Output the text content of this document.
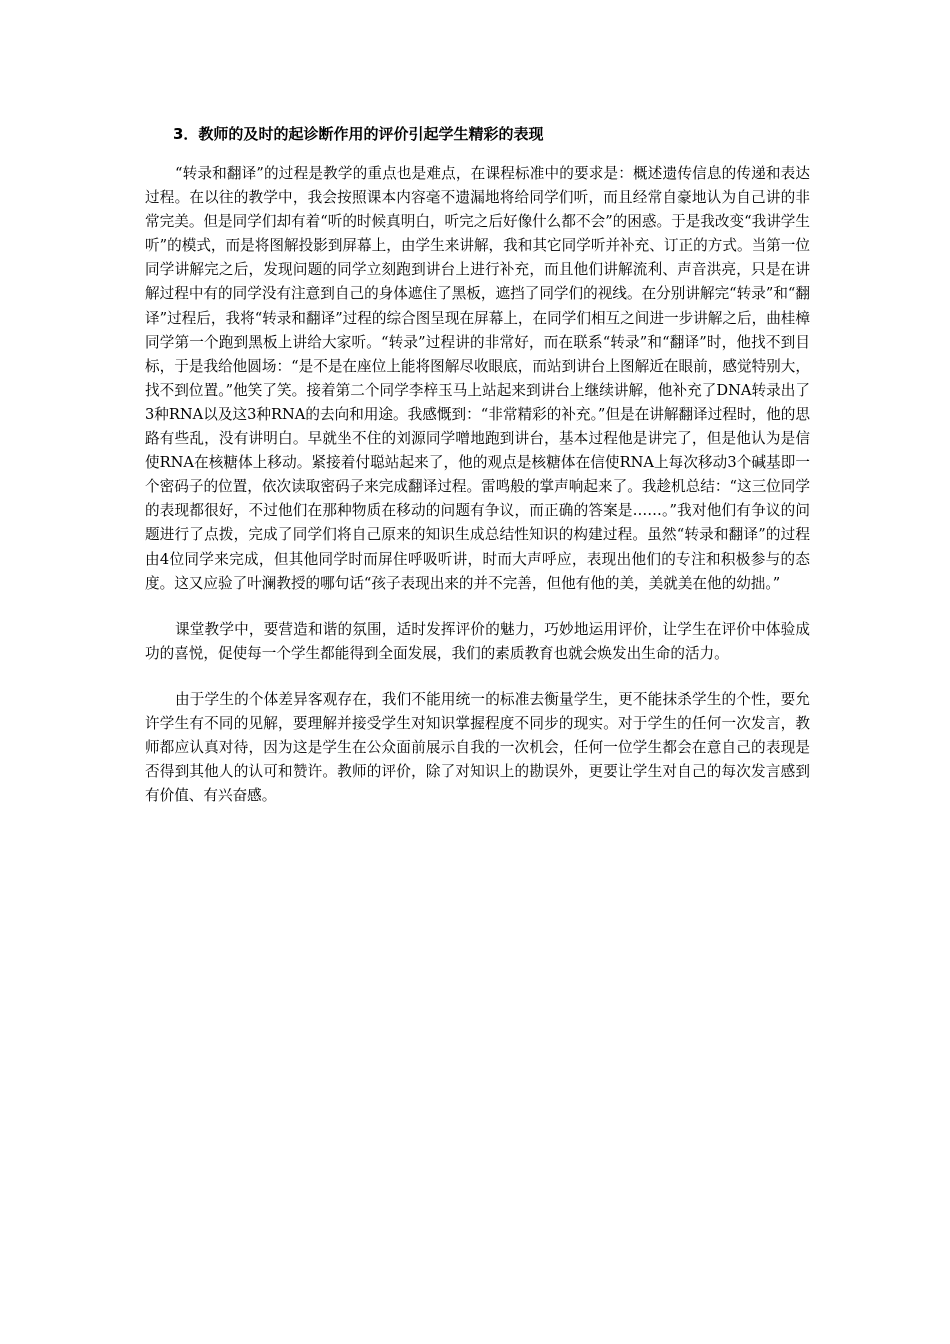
3．教师的及时的起诊断作用的评价引起学生精彩的表现

“转录和翻译”的过程是教学的重点也是难点，在课程标准中的要求是：概述遗传信息的传递和表达过程。在以往的教学中，我会按照课本内容毫不遗漏地将给同学们听，而且经常自豪地认为自己讲的非常完美。但是同学们却有着“听的时候真明白，听完之后好像什么都不会”的困惑。于是我改变“我讲学生听”的模式，而是将图解投影到屏幕上，由学生来讲解，我和其它同学听并补充、订正的方式。当第一位同学讲解完之后，发现问题的同学立刻跑到讲台上进行补充，而且他们讲解流利、声音洪亮，只是在讲解过程中有的同学没有注意到自己的身体遮住了黑板，遮挡了同学们的视线。在分别讲解完“转录”和“翻译”过程后，我将“转录和翻译”过程的综合图呈现在屏幕上，在同学们相互之间进一步讲解之后，曲桂樟同学第一个跑到黑板上讲给大家听。“转录”过程讲的非常好，而在联系“转录”和“翻译”时，他找不到目标，于是我给他圆场：“是不是在座位上能将图解尽收眼底，而站到讲台上图解近在眼前，感觉特别大，找不到位置。”他笑了笑。接着第二个同学李梓玉马上站起来到讲台上继续讲解，他补充了DNA转录出了3种RNA以及这3种RNA的去向和用途。我感慨到：“非常精彩的补充。”但是在讲解翻译过程时，他的思路有些乱，没有讲明白。早就坐不住的刘源同学噌地跑到讲台，基本过程他是讲完了，但是他认为是信使RNA在核糖体上移动。紧接着付聪站起来了，他的观点是核糖体在信使RNA上每次移动3个碱基即一个密码子的位置，依次读取密码子来完成翻译过程。雷鸣般的掌声响起来了。我趁机总结：“这三位同学的表现都很好，不过他们在那种物质在移动的问题有争议，而正确的答案是……。”我对他们有争议的问题进行了点拨，完成了同学们将自己原来的知识生成总结性知识的构建过程。虽然“转录和翻译”的过程由4位同学来完成，但其他同学时而屏住呼吸听讲，时而大声呼应，表现出他们的专注和积极参与的态度。这又应验了叶澜教授的哪句话“孩子表现出来的并不完善，但他有他的美，美就美在他的幼拙。”

课堂教学中，要营造和谐的氛围，适时发挥评价的魅力，巧妙地运用评价，让学生在评价中体验成功的喜悦，促使每一个学生都能得到全面发展，我们的素质教育也就会焕发出生命的活力。

由于学生的个体差异客观存在，我们不能用统一的标准去衡量学生，更不能抹杀学生的个性，要允许学生有不同的见解，要理解并接受学生对知识掌握程度不同步的现实。对于学生的任何一次发言，教师都应认真对待，因为这是学生在公众面前展示自我的一次机会，任何一位学生都会在意自己的表现是否得到其他人的认可和赞许。教师的评价，除了对知识上的勘误外，更要让学生对自己的每次发言感到有价值、有兴奋感。
